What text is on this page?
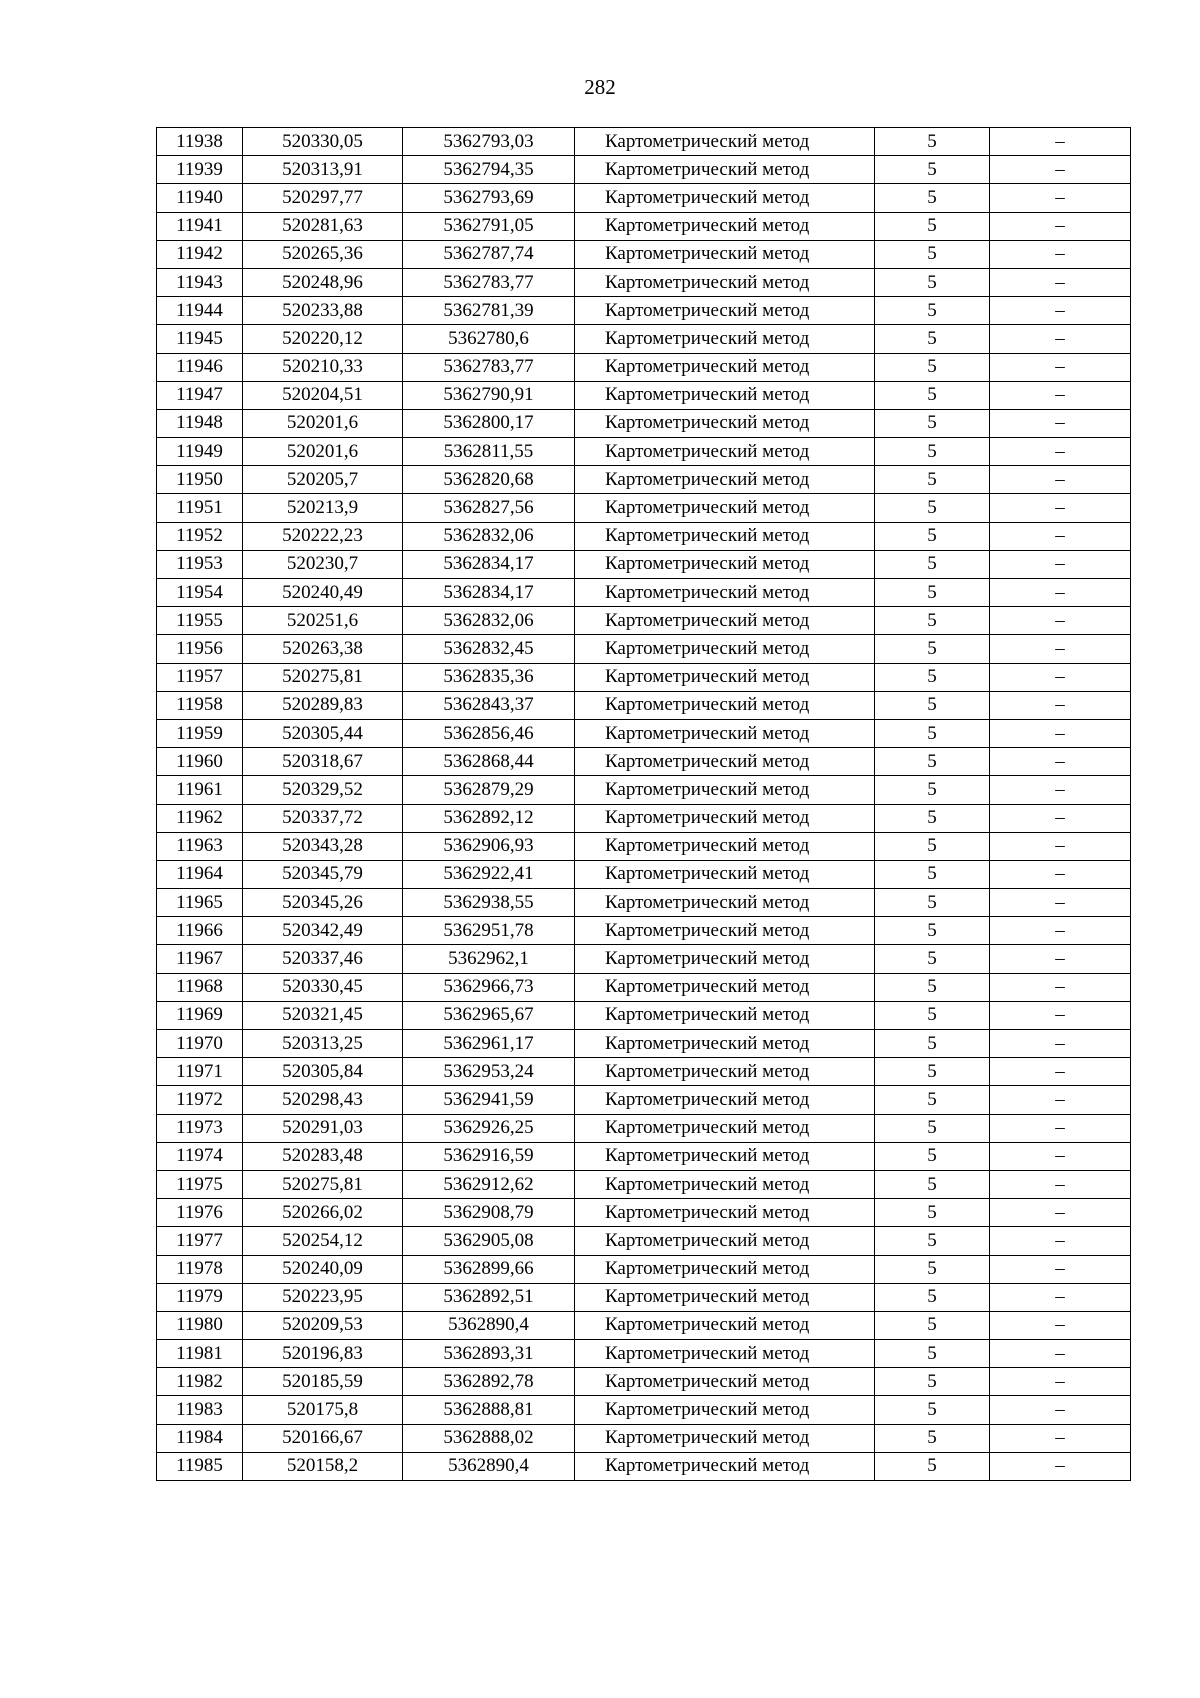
282
11938	520330,05	5362793,03	Картометрический метод	5	–
11939	520313,91	5362794,35	Картометрический метод	5	–
11940	520297,77	5362793,69	Картометрический метод	5	–
11941	520281,63	5362791,05	Картометрический метод	5	–
11942	520265,36	5362787,74	Картометрический метод	5	–
11943	520248,96	5362783,77	Картометрический метод	5	–
11944	520233,88	5362781,39	Картометрический метод	5	–
11945	520220,12	5362780,6	Картометрический метод	5	–
11946	520210,33	5362783,77	Картометрический метод	5	–
11947	520204,51	5362790,91	Картометрический метод	5	–
11948	520201,6	5362800,17	Картометрический метод	5	–
11949	520201,6	5362811,55	Картометрический метод	5	–
11950	520205,7	5362820,68	Картометрический метод	5	–
11951	520213,9	5362827,56	Картометрический метод	5	–
11952	520222,23	5362832,06	Картометрический метод	5	–
11953	520230,7	5362834,17	Картометрический метод	5	–
11954	520240,49	5362834,17	Картометрический метод	5	–
11955	520251,6	5362832,06	Картометрический метод	5	–
11956	520263,38	5362832,45	Картометрический метод	5	–
11957	520275,81	5362835,36	Картометрический метод	5	–
11958	520289,83	5362843,37	Картометрический метод	5	–
11959	520305,44	5362856,46	Картометрический метод	5	–
11960	520318,67	5362868,44	Картометрический метод	5	–
11961	520329,52	5362879,29	Картометрический метод	5	–
11962	520337,72	5362892,12	Картометрический метод	5	–
11963	520343,28	5362906,93	Картометрический метод	5	–
11964	520345,79	5362922,41	Картометрический метод	5	–
11965	520345,26	5362938,55	Картометрический метод	5	–
11966	520342,49	5362951,78	Картометрический метод	5	–
11967	520337,46	5362962,1	Картометрический метод	5	–
11968	520330,45	5362966,73	Картометрический метод	5	–
11969	520321,45	5362965,67	Картометрический метод	5	–
11970	520313,25	5362961,17	Картометрический метод	5	–
11971	520305,84	5362953,24	Картометрический метод	5	–
11972	520298,43	5362941,59	Картометрический метод	5	–
11973	520291,03	5362926,25	Картометрический метод	5	–
11974	520283,48	5362916,59	Картометрический метод	5	–
11975	520275,81	5362912,62	Картометрический метод	5	–
11976	520266,02	5362908,79	Картометрический метод	5	–
11977	520254,12	5362905,08	Картометрический метод	5	–
11978	520240,09	5362899,66	Картометрический метод	5	–
11979	520223,95	5362892,51	Картометрический метод	5	–
11980	520209,53	5362890,4	Картометрический метод	5	–
11981	520196,83	5362893,31	Картометрический метод	5	–
11982	520185,59	5362892,78	Картометрический метод	5	–
11983	520175,8	5362888,81	Картометрический метод	5	–
11984	520166,67	5362888,02	Картометрический метод	5	–
11985	520158,2	5362890,4	Картометрический метод	5	–
